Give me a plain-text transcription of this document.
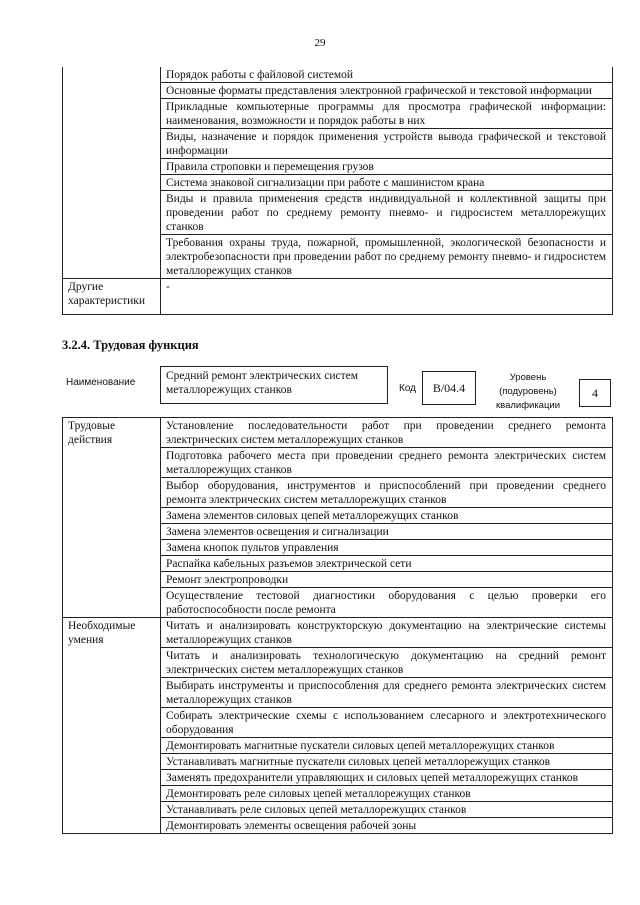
29
	Порядок работы с файловой системой
	Основные форматы представления электронной графической и текстовой информации
	Прикладные компьютерные программы для просмотра графической информации: наименования, возможности и порядок работы в них
	Виды, назначение и порядок применения устройств вывода графической и текстовой информации
	Правила строповки и перемещения грузов
	Система знаковой сигнализации при работе с машинистом крана
	Виды и правила применения средств индивидуальной и коллективной защиты при проведении работ по среднему ремонту пневмо- и гидросистем металлорежущих станков
	Требования охраны труда, пожарной, промышленной, экологической безопасности и электробезопасности при проведении работ по среднему ремонту пневмо- и гидросистем металлорежущих станков
Другие характеристики	-
3.2.4. Трудовая функция
Наименование
Средний ремонт электрических систем металлорежущих станков	Код	В/04.4
Уровень
(подуровень)
квалификации
4
Трудовые действия	Установление последовательности работ при проведении среднего ремонта электрических систем металлорежущих станков
	Подготовка рабочего места при проведении среднего ремонта электрических систем металлорежущих станков
	Выбор оборудования, инструментов и приспособлений при проведении среднего ремонта электрических систем металлорежущих станков
	Замена элементов силовых цепей металлорежущих станков
	Замена элементов освещения и сигнализации
	Замена кнопок пультов управления
	Распайка кабельных разъемов электрической сети
	Ремонт электропроводки
	Осуществление тестовой диагностики оборудования с целью проверки его работоспособности после ремонта
Необходимые умения	Читать и анализировать конструкторскую документацию на электрические системы металлорежущих станков
	Читать и анализировать технологическую документацию на средний ремонт электрических систем металлорежущих станков
	Выбирать инструменты и приспособления для среднего ремонта электрических систем металлорежущих станков
	Собирать электрические схемы с использованием слесарного и электротехнического оборудования
	Демонтировать магнитные пускатели силовых цепей металлорежущих станков
	Устанавливать магнитные пускатели силовых цепей металлорежущих станков
	Заменять предохранители управляющих и силовых цепей металлорежущих станков
	Демонтировать реле силовых цепей металлорежущих станков
	Устанавливать реле силовых цепей металлорежущих станков
	Демонтировать элементы освещения рабочей зоны
